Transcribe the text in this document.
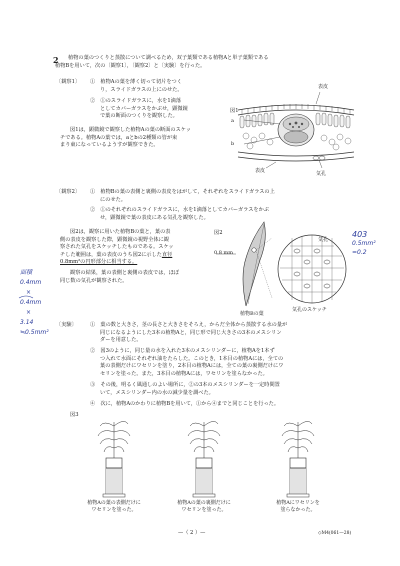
2 植物の葉のつくりと蒸散について調べるため，双子葉類である植物Aと単子葉類である

植物Bを用いて，次の〔観察1〕，〔観察2〕と〔実験〕を行った。

〔観察1〕 ①　植物Aの葉を薄く切って切片をつく

り，スライドガラスの上にのせた。

②　①のスライドガラスに，水を1滴落

としてカバーガラスをかぶせ，顕微鏡

で葉の断面のつくりを観察した。

図1は，顕微鏡で観察した植物Aの葉の断面のスケッ

チである。植物Aの葉では，aとbの2種類の管が束

まり東になっているようすが観察できた。

図1
表皮
a
b
表皮	気孔
〔観察2〕 ①　植物Bの葉の表側と裏側の表皮をはがして，それぞれをスライドガラスの上

にのせた。

②　①のそれぞれのスライドガラスに，水を1滴落としてカバーガラスをかぶ

せ，顕微鏡で葉の表皮にある気孔を観察した。

図2は，観察に用いた植物Bの葉と，葉の表

側の表皮を観察した際，顕微鏡の視野全体に観

察された気孔をスケッチしたものである。スケッ

チした範囲は，葉の表皮のうち図2に示した直径

0.8mm²の円形部分に相当する。

観察の結果，葉の表側と裏側の表皮では，ほぼ

同じ数の気孔が観察された。

図2
0.8 mm
植物Bの葉
気孔
気孔のスケッチ
〔実験〕	①　葉の数と大きさ，茎の長さと大きさをそろえ，からだ全体から蒸散する水の量が

同じになるようにした3本の植物Aと，同じ形で同じ大きさの3本のメスシリン

ダーを用意した。

②　図3のように，同じ量の水を入れた3本のメスシリンダーに，植物Aを1本ず

つ入れて水面にそれぞれ油をたらした。このとき，1本目の植物Aには，全ての

葉の表側だけにワセリンを塗り，2本目の植物Aには，全ての葉の裏側だけにワ

セリンを塗った。また，3本目の植物Aには，ワセリンを塗らなかった。

③　その後，明るく風通しのよい場所に，②の3本のメスシリンダーを一定時間置

いて，メスシリンダー内の水の減少量を調べた。

④　次に，植物Aのかわりに植物Bを用いて，①から④までと同じことを行った。

図3
植物Aの葉の表側だけに
ワセリンを塗った。
植物Aの葉の裏側だけに
ワセリンを塗った。
植物Aにワセリンを
塗らなかった。
—（ 2 ）—	◇M4(061—28)
面積
0.4mm
×
0.4mm
×
3.14
≒0.5mm²
403
0.5mm²
=0.2
